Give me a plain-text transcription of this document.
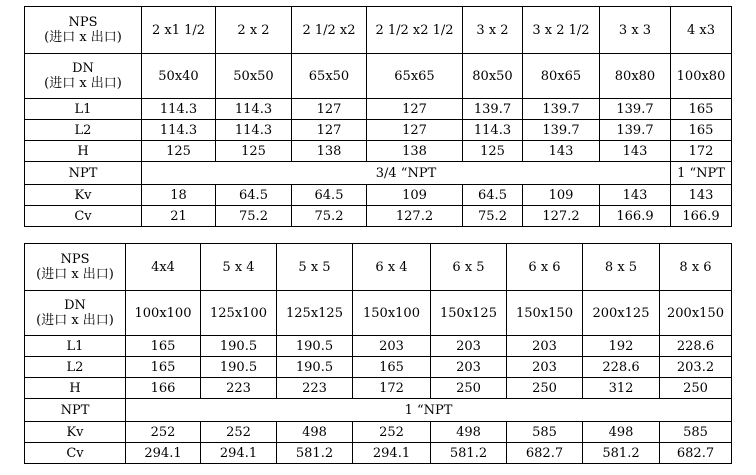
NPS
(进口 x 出口)	2 x1 1/2	2 x 2	2 1/2 x2	2 1/2 x2 1/2	3 x 2	3 x 2 1/2	3 x 3	4 x3

DN
(进口 x 出口)	50x40	50x50	65x50	65x65	80x50	80x65	80x80	100x80
L1	114.3	114.3	127	127	139.7	139.7	139.7	165
L2	114.3	114.3	127	127	114.3	139.7	139.7	165
H	125	125	138	138	125	143	143	172
NPT	3/4 “NPT							1 “NPT
Kv	18	64.5	64.5	109	64.5	109	143	143
Cv	21	75.2	75.2	127.2	75.2	127.2	166.9	166.9
NPS
(进口 x 出口)	4x4	5 x 4	5 x 5	6 x 4	6 x 5	6 x 6	8 x 5	8 x 6

DN
(进口 x 出口)	100x100	125x100	125x125	150x100	150x125	150x150	200x125	200x150
L1	165	190.5	190.5	203	203	203	192	228.6
L2	165	190.5	190.5	165	203	203	228.6	203.2
H	166	223	223	172	250	250	312	250
NPT	1 “NPT							
Kv	252	252	498	252	498	585	498	585
Cv	294.1	294.1	581.2	294.1	581.2	682.7	581.2	682.7
